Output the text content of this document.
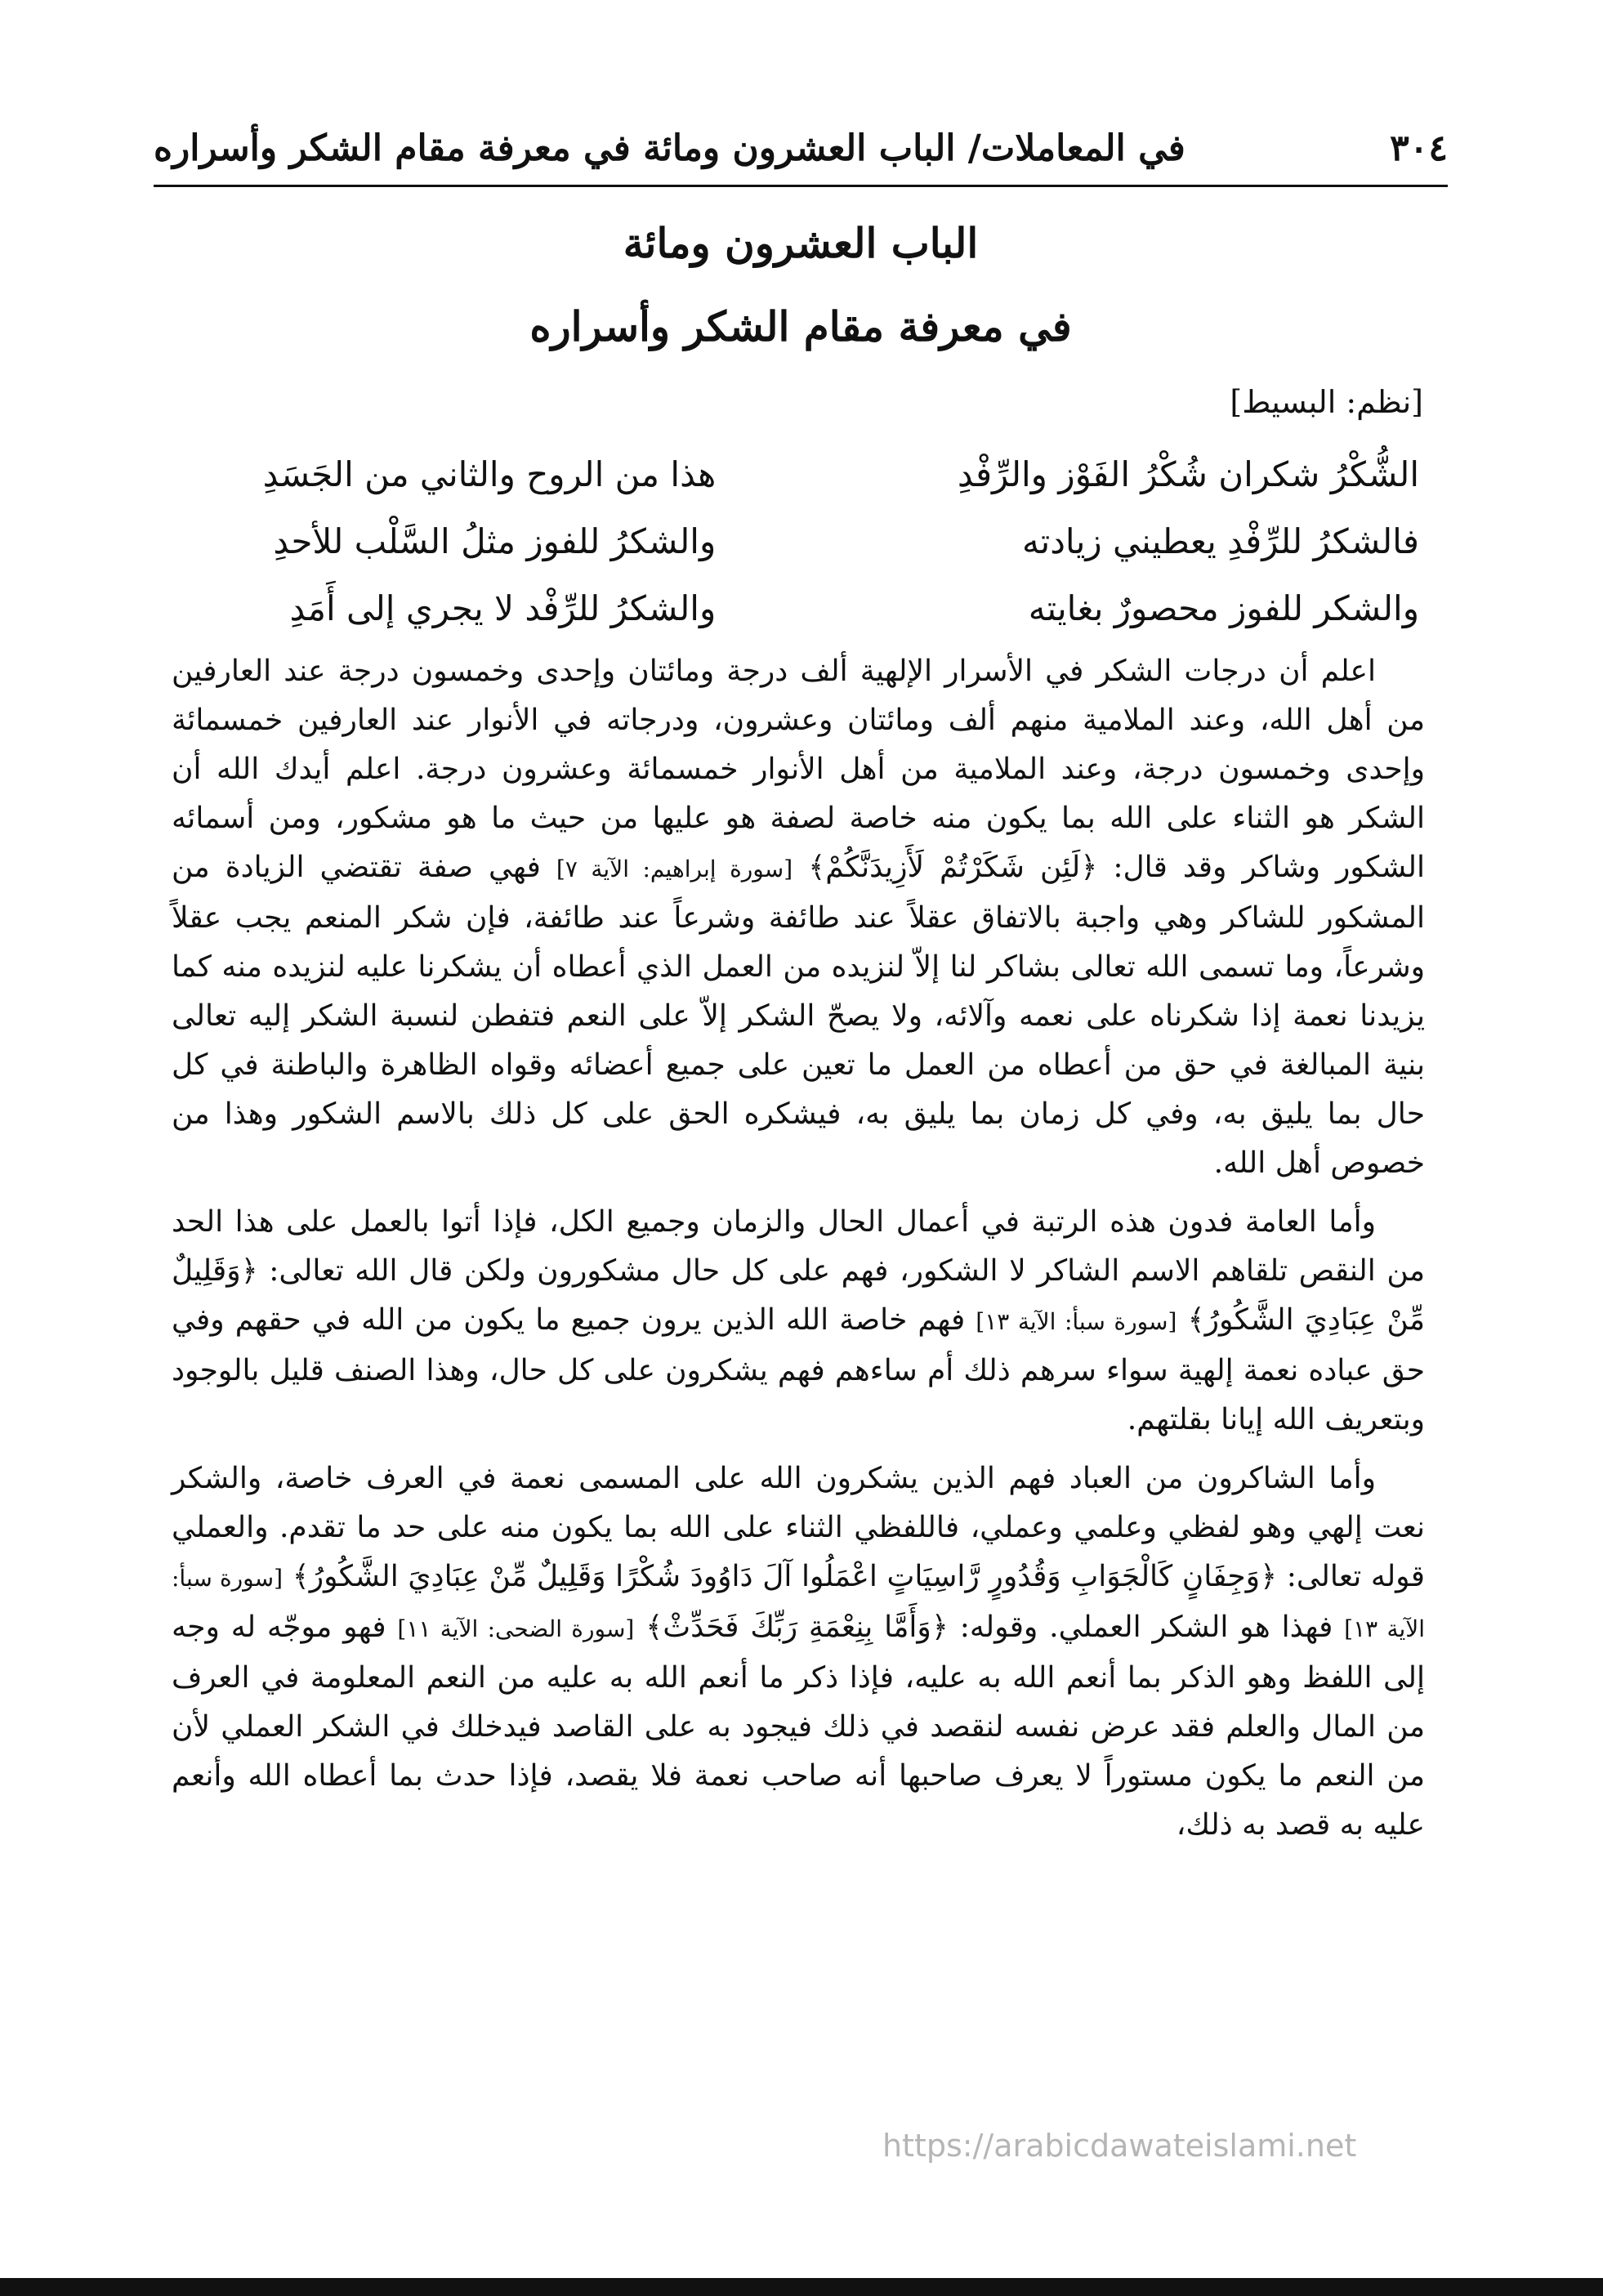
٣٠٤
في المعاملات/ الباب العشرون ومائة في معرفة مقام الشكر وأسراره
الباب العشرون ومائة
في معرفة مقام الشكر وأسراره
[نظم: البسيط]
الشُّكْرُ شكران شُكْرُ الفَوْز والرِّفْدِ
هذا من الروح والثاني من الجَسَدِ
فالشكرُ للرِّفْدِ يعطيني زيادته
والشكرُ للفوز مثلُ السَّلْب للأحدِ
والشكر للفوز محصورٌ بغايته
والشكرُ للرِّفْد لا يجري إلى أَمَدِ

اعلم أن درجات الشكر في الأسرار الإلهية ألف درجة ومائتان وإحدى وخمسون درجة عند العارفين من أهل الله، وعند الملامية منهم ألف ومائتان وعشرون، ودرجاته في الأنوار عند العارفين خمسمائة وإحدى وخمسون درجة، وعند الملامية من أهل الأنوار خمسمائة وعشرون درجة. اعلم أيدك الله أن الشكر هو الثناء على الله بما يكون منه خاصة لصفة هو عليها من حيث ما هو مشكور، ومن أسمائه الشكور وشاكر وقد قال: ﴿لَئِن شَكَرْتُمْ لَأَزِيدَنَّكُمْ﴾ [سورة إبراهيم: الآية ٧] فهي صفة تقتضي الزيادة من المشكور للشاكر وهي واجبة بالاتفاق عقلاً عند طائفة وشرعاً عند طائفة، فإن شكر المنعم يجب عقلاً وشرعاً، وما تسمى الله تعالى بشاكر لنا إلاّ لنزيده من العمل الذي أعطاه أن يشكرنا عليه لنزيده منه كما يزيدنا نعمة إذا شكرناه على نعمه وآلائه، ولا يصحّ الشكر إلاّ على النعم فتفطن لنسبة الشكر إليه تعالى بنية المبالغة في حق من أعطاه من العمل ما تعين على جميع أعضائه وقواه الظاهرة والباطنة في كل حال بما يليق به، وفي كل زمان بما يليق به، فيشكره الحق على كل ذلك بالاسم الشكور وهذا من خصوص أهل الله.

وأما العامة فدون هذه الرتبة في أعمال الحال والزمان وجميع الكل، فإذا أتوا بالعمل على هذا الحد من النقص تلقاهم الاسم الشاكر لا الشكور، فهم على كل حال مشكورون ولكن قال الله تعالى: ﴿وَقَلِيلٌ مِّنْ عِبَادِيَ الشَّكُورُ﴾ [سورة سبأ: الآية ١٣] فهم خاصة الله الذين يرون جميع ما يكون من الله في حقهم وفي حق عباده نعمة إلهية سواء سرهم ذلك أم ساءهم فهم يشكرون على كل حال، وهذا الصنف قليل بالوجود وبتعريف الله إيانا بقلتهم.

وأما الشاكرون من العباد فهم الذين يشكرون الله على المسمى نعمة في العرف خاصة، والشكر نعت إلهي وهو لفظي وعلمي وعملي، فاللفظي الثناء على الله بما يكون منه على حد ما تقدم. والعملي قوله تعالى: ﴿وَجِفَانٍ كَالْجَوَابِ وَقُدُورٍ رَّاسِيَاتٍ اعْمَلُوا آلَ دَاوُودَ شُكْرًا وَقَلِيلٌ مِّنْ عِبَادِيَ الشَّكُورُ﴾ [سورة سبأ: الآية ١٣] فهذا هو الشكر العملي. وقوله: ﴿وَأَمَّا بِنِعْمَةِ رَبِّكَ فَحَدِّثْ﴾ [سورة الضحى: الآية ١١] فهو موجّه له وجه إلى اللفظ وهو الذكر بما أنعم الله به عليه، فإذا ذكر ما أنعم الله به عليه من النعم المعلومة في العرف من المال والعلم فقد عرض نفسه لنقصد في ذلك فيجود به على القاصد فيدخلك في الشكر العملي لأن من النعم ما يكون مستوراً لا يعرف صاحبها أنه صاحب نعمة فلا يقصد، فإذا حدث بما أعطاه الله وأنعم عليه به قصد به ذلك،

https://arabicdawateislami.net
